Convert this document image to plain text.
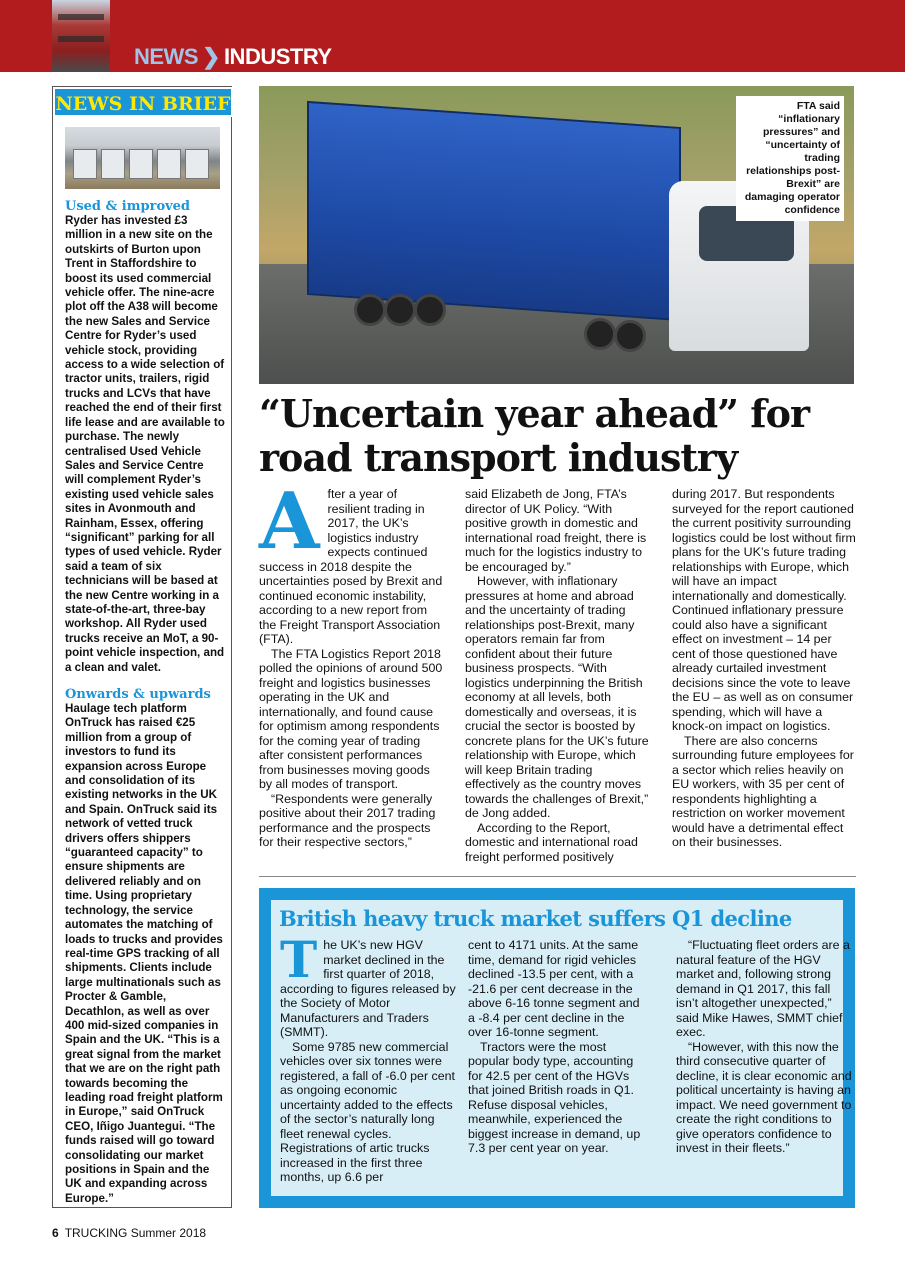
NEWS ❯ INDUSTRY
NEWS IN BRIEF
Used & improved

Ryder has invested £3 million in a new site on the outskirts of Burton upon Trent in Staffordshire to boost its used commercial vehicle offer. The nine-acre plot off the A38 will become the new Sales and Service Centre for Ryder’s used vehicle stock, providing access to a wide selection of tractor units, trailers, rigid trucks and LCVs that have reached the end of their first life lease and are available to purchase. The newly centralised Used Vehicle Sales and Service Centre will complement Ryder’s existing used vehicle sales sites in Avonmouth and Rainham, Essex, offering “significant” parking for all types of used vehicle. Ryder said a team of six technicians will be based at the new Centre working in a state-of-the-art, three-bay workshop. All Ryder used trucks receive an MoT, a 90-point vehicle inspection, and a clean and valet.

Onwards & upwards

Haulage tech platform OnTruck has raised €25 million from a group of investors to fund its expansion across Europe and consolidation of its existing networks in the UK and Spain. OnTruck said its network of vetted truck drivers offers shippers “guaranteed capacity” to ensure shipments are delivered reliably and on time. Using proprietary technology, the service automates the matching of loads to trucks and provides real-time GPS tracking of all shipments. Clients include large multinationals such as Procter & Gamble, Decathlon, as well as over 400 mid-sized companies in Spain and the UK. “This is a great signal from the market that we are on the right path towards becoming the leading road freight platform in Europe,” said OnTruck CEO, Iñigo Juantegui. “The funds raised will go toward consolidating our market positions in Spain and the UK and expanding across Europe.”

FTA said “inflationary pressures” and “uncertainty of trading relationships post-Brexit” are damaging operator confidence
“Uncertain year ahead” for road transport industry
A fter a year of resilient trading in 2017, the UK’s logistics industry expects continued success in 2018 despite the uncertainties posed by Brexit and continued economic instability, according to a new report from the Freight Transport Association (FTA).

The FTA Logistics Report 2018 polled the opinions of around 500 freight and logistics businesses operating in the UK and internationally, and found cause for optimism among respondents for the coming year of trading after consistent performances from businesses moving goods by all modes of transport.

“Respondents were generally positive about their 2017 trading performance and the prospects for their respective sectors,”

said Elizabeth de Jong, FTA’s director of UK Policy. “With positive growth in domestic and international road freight, there is much for the logistics industry to be encouraged by.”

However, with inflationary pressures at home and abroad and the uncertainty of trading relationships post-Brexit, many operators remain far from confident about their future business prospects. “With logistics underpinning the British economy at all levels, both domestically and overseas, it is crucial the sector is boosted by concrete plans for the UK’s future relationship with Europe, which will keep Britain trading effectively as the country moves towards the challenges of Brexit,” de Jong added.

According to the Report, domestic and international road freight performed positively

during 2017. But respondents surveyed for the report cautioned the current positivity surrounding logistics could be lost without firm plans for the UK’s future trading relationships with Europe, which will have an impact internationally and domestically. Continued inflationary pressure could also have a significant effect on investment – 14 per cent of those questioned have already curtailed investment decisions since the vote to leave the EU – as well as on consumer spending, which will have a knock-on impact on logistics.

There are also concerns surrounding future employees for a sector which relies heavily on EU workers, with 35 per cent of respondents highlighting a restriction on worker movement would have a detrimental effect on their businesses.

British heavy truck market suffers Q1 decline
T he UK’s new HGV market declined in the first quarter of 2018, according to figures released by the Society of Motor Manufacturers and Traders (SMMT).

Some 9785 new commercial vehicles over six tonnes were registered, a fall of -6.0 per cent as ongoing economic uncertainty added to the effects of the sector’s naturally long fleet renewal cycles. Registrations of artic trucks increased in the first three months, up 6.6 per

cent to 4171 units. At the same time, demand for rigid vehicles declined -13.5 per cent, with a -21.6 per cent decrease in the above 6-16 tonne segment and a -8.4 per cent decline in the over 16-tonne segment.

Tractors were the most popular body type, accounting for 42.5 per cent of the HGVs that joined British roads in Q1. Refuse disposal vehicles, meanwhile, experienced the biggest increase in demand, up 7.3 per cent year on year.

“Fluctuating fleet orders are a natural feature of the HGV market and, following strong demand in Q1 2017, this fall isn’t altogether unexpected,” said Mike Hawes, SMMT chief exec.

“However, with this now the third consecutive quarter of decline, it is clear economic and political uncertainty is having an impact. We need government to create the right conditions to give operators confidence to invest in their fleets.”

6 TRUCKING Summer 2018
